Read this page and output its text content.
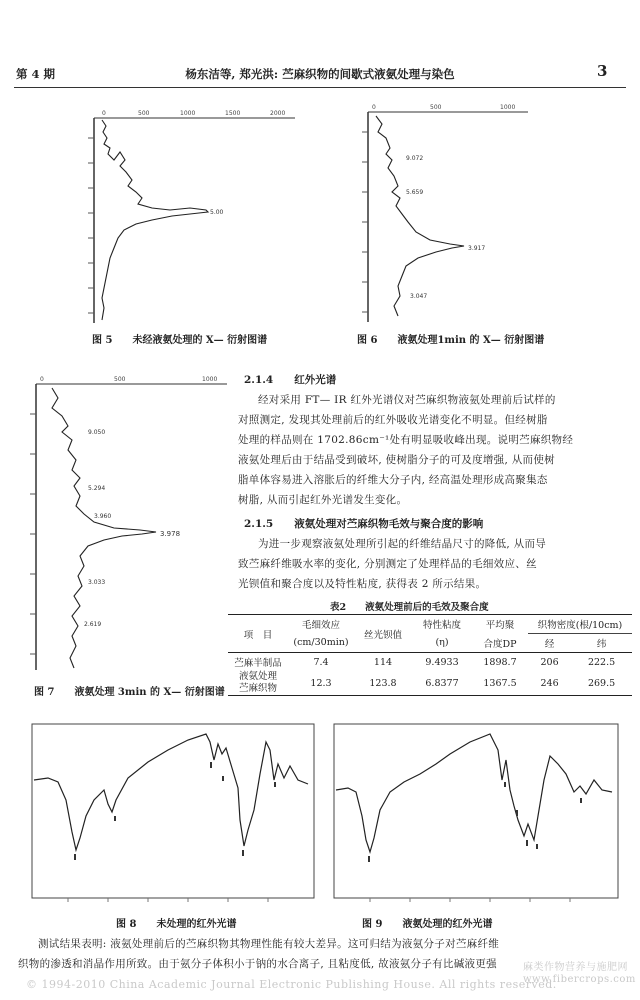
第 4 期	杨东洁等, 郑光洪: 苎麻织物的间歇式液氨处理与染色	3
0	500	1000	1500	2000
5.00
图 5　　未经液氨处理的 X— 衍射图谱
0	500	1000
9.072
5.659
3.917
3.047
图 6　　液氨处理1min 的 X— 衍射图谱
0	500	1000
9.050
5.294
3.960
3.978
3.033
2.619
图 7　　液氨处理 3min 的 X— 衍射图谱
2.1.4　　红外光谱
经对采用 FT— IR 红外光谱仪对苎麻织物液氨处理前后试样的
对照测定, 发现其处理前后的红外吸收光谱变化不明显。但经树脂
处理的样品则在 1702.86cm⁻¹处有明显吸收峰出现。说明苎麻织物经
液氨处理后由于结晶受到破坏, 使树脂分子的可及度增强, 从而使树
脂单体容易进入溶胀后的纤维大分子内, 经高温处理形成高聚集态
树脂, 从而引起红外光谱发生变化。
2.1.5　　液氨处理对苎麻织物毛效与聚合度的影响
为进一步观察液氨处理所引起的纤维结晶尺寸的降低, 从而导
致苎麻纤维吸水率的变化, 分别测定了处理样品的毛细效应、丝
光钡值和聚合度以及特性粘度, 获得表 2 所示结果。
表2　　液氨处理前后的毛效及聚合度
项　目	毛细效应	丝光钡值	特性粘度	平均聚	织物密度(根/10cm)	
	(cm/30min)		(η)	合度DP	经	纬
苎麻半制品	7.4	114	9.4933	1898.7	206	222.5

液氨处理
苎麻织物	12.3	123.8	6.8377	1367.5	246	269.5
图 8　　未处理的红外光谱	图 9　　液氨处理的红外光谱
测试结果表明: 液氨处理前后的苎麻织物其物理性能有较大差异。这可归结为液氨分子对苎麻纤维
织物的渗透和消晶作用所致。由于氨分子体积小于钠的水合离子, 且粘度低, 故液氨分子有比碱液更强
© 1994-2010 China Academic Journal Electronic Publishing House. All rights reserved.
麻类作物营养与施肥网
www.fibercrops.com
